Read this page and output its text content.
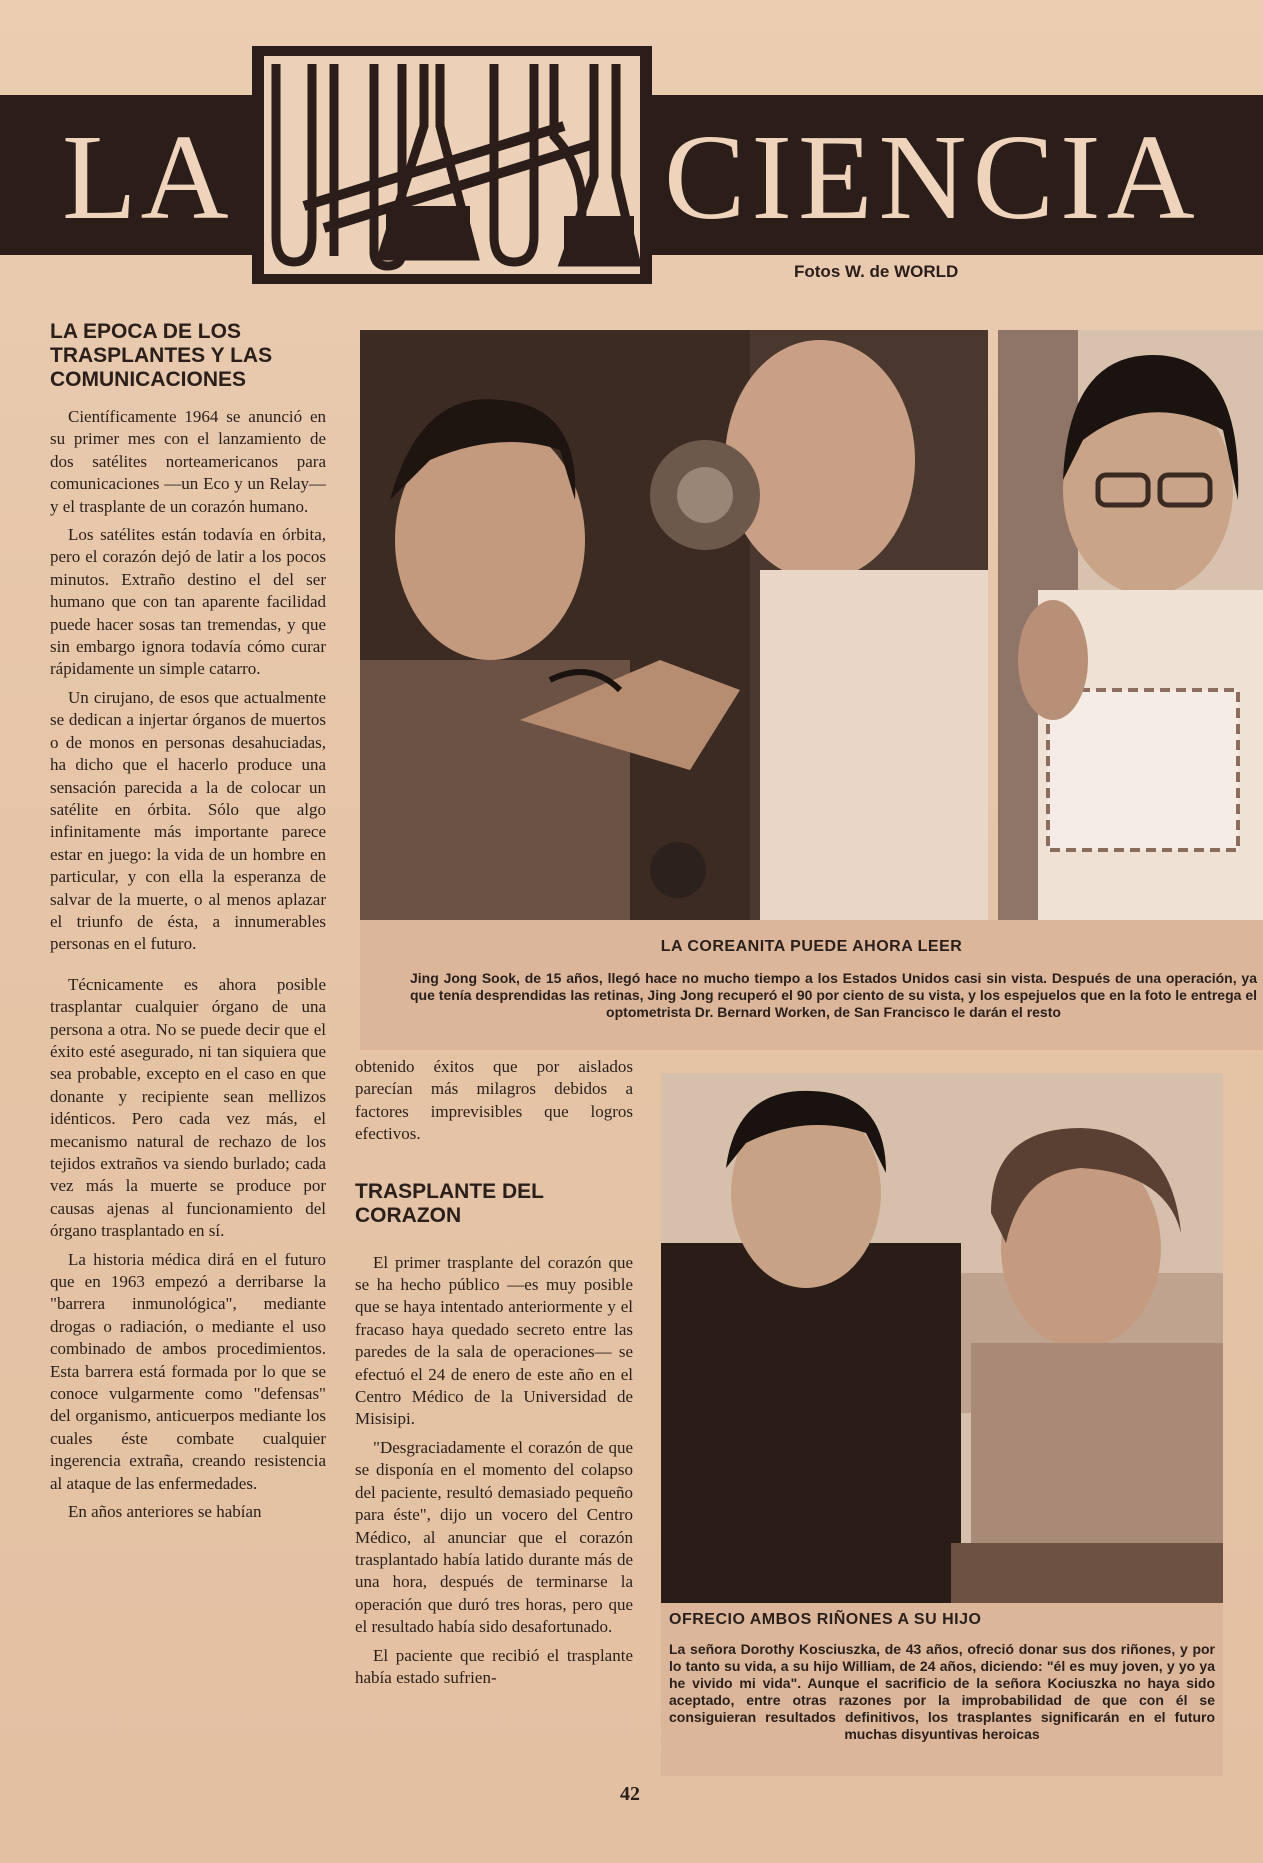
LA	CIENCIA
Fotos W. de WORLD
LA EPOCA DE LOS
TRASPLANTES Y LAS
COMUNICACIONES

Científicamente 1964 se anunció en su primer mes con el lanzamiento de dos satélites norteamericanos para comunicaciones —un Eco y un Relay— y el trasplante de un corazón humano.

Los satélites están todavía en órbita, pero el corazón dejó de latir a los pocos minutos. Extraño destino el del ser humano que con tan aparente facilidad puede hacer sosas tan tremendas, y que sin embargo ignora todavía cómo curar rápidamente un simple catarro.

Un cirujano, de esos que actualmente se dedican a injertar órganos de muertos o de monos en personas desahuciadas, ha dicho que el hacerlo produce una sensación parecida a la de colocar un satélite en órbita. Sólo que algo infinitamente más importante parece estar en juego: la vida de un hombre en particular, y con ella la esperanza de salvar de la muerte, o al menos aplazar el triunfo de ésta, a innumerables personas en el futuro.

Técnicamente es ahora posible trasplantar cualquier órgano de una persona a otra. No se puede decir que el éxito esté asegurado, ni tan siquiera que sea probable, excepto en el caso en que donante y recipiente sean mellizos idénticos. Pero cada vez más, el mecanismo natural de rechazo de los tejidos extraños va siendo burlado; cada vez más la muerte se produce por causas ajenas al funcionamiento del órgano trasplantado en sí.

La historia médica dirá en el futuro que en 1963 empezó a derribarse la "barrera inmunológica", mediante drogas o radiación, o mediante el uso combinado de ambos procedimientos. Esta barrera está formada por lo que se conoce vulgarmente como "defensas" del organismo, anticuerpos mediante los cuales éste combate cualquier ingerencia extraña, creando resistencia al ataque de las enfermedades.

En años anteriores se habían

obtenido éxitos que por aislados parecían más milagros debidos a factores imprevisibles que logros efectivos.

TRASPLANTE DEL
CORAZON

El primer trasplante del corazón que se ha hecho público —es muy posible que se haya intentado anteriormente y el fracaso haya quedado secreto entre las paredes de la sala de operaciones— se efectuó el 24 de enero de este año en el Centro Médico de la Universidad de Misisipi.

"Desgraciadamente el corazón de que se disponía en el momento del colapso del paciente, resultó demasiado pequeño para éste", dijo un vocero del Centro Médico, al anunciar que el corazón trasplantado había latido durante más de una hora, después de terminarse la operación que duró tres horas, pero que el resultado había sido desafortunado.

El paciente que recibió el trasplante había estado sufrien-

LA COREANITA PUEDE AHORA LEER
Jing Jong Sook, de 15 años, llegó hace no mucho tiempo a los Estados Unidos casi sin vista. Después de una operación, ya que tenía desprendidas las retinas, Jing Jong recuperó el 90 por ciento de su vista, y los espejuelos que en la foto le entrega el optometrista Dr. Bernard Worken, de San Francisco le darán el resto
OFRECIO AMBOS RIÑONES A SU HIJO
La señora Dorothy Kosciuszka, de 43 años, ofreció donar sus dos riñones, y por lo tanto su vida, a su hijo William, de 24 años, diciendo: "él es muy joven, y yo ya he vivido mi vida". Aunque el sacrificio de la señora Kociuszka no haya sido aceptado, entre otras razones por la improbabilidad de que con él se consiguieran resultados definitivos, los trasplantes significarán en el futuro muchas disyuntivas heroicas
42
